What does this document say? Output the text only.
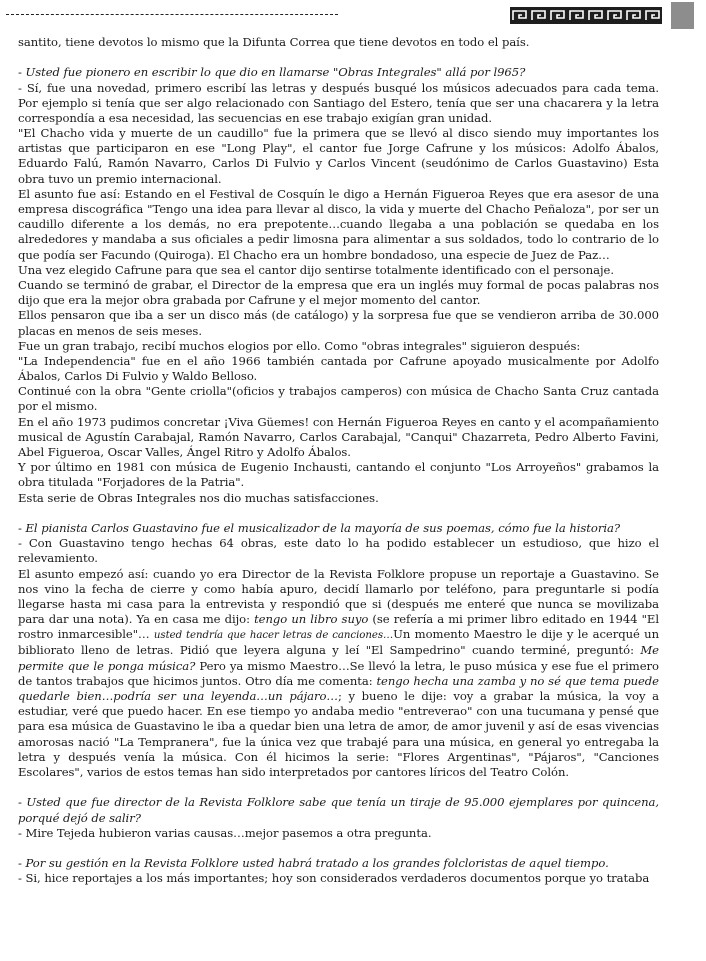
santito, tiene devotos lo mismo que la Difunta Correa que tiene devotos en todo el país.

- Usted fue pionero en escribir lo que dio en llamarse "Obras Integrales" allá por l965?

- Sí, fue una novedad, primero escribí las letras y después busqué los músicos adecuados para cada tema. Por ejemplo si tenía que ser algo relacionado con Santiago del Estero, tenía que ser una chacarera y la letra correspondía a esa necesidad, las secuencias en ese trabajo exigían gran unidad.

"El Chacho vida y muerte de un caudillo" fue la primera que se llevó al disco siendo muy importantes los artistas que participaron en ese "Long Play", el cantor fue Jorge Cafrune y los músicos: Adolfo Ábalos, Eduardo Falú, Ramón Navarro, Carlos Di Fulvio y Carlos Vincent (seudónimo de Carlos Guastavino) Esta obra tuvo un premio internacional.

El asunto fue así: Estando en el Festival de Cosquín le digo a Hernán Figueroa Reyes que era asesor de una empresa discográfica "Tengo una idea para llevar al disco, la vida y muerte del Chacho Peñaloza", por ser un caudillo diferente a los demás, no era prepotente…cuando llegaba a una población se quedaba en los alrededores y mandaba a sus oficiales a pedir limosna para alimentar a sus soldados, todo lo contrario de lo que podía ser Facundo (Quiroga). El Chacho era un hombre bondadoso, una especie de Juez de Paz…

Una vez elegido Cafrune para que sea el cantor dijo sentirse totalmente identificado con el personaje.

Cuando se terminó de grabar, el Director de la empresa que era un inglés muy formal de pocas palabras nos dijo que era la mejor obra grabada por Cafrune y el mejor momento del cantor.

Ellos pensaron que iba a ser un disco más (de catálogo) y la sorpresa fue que se vendieron arriba de 30.000 placas en menos de seis meses.

Fue un gran trabajo, recibí muchos elogios por ello. Como "obras integrales" siguieron después:

"La Independencia" fue en el año 1966 también cantada por Cafrune apoyado musicalmente por Adolfo Ábalos, Carlos Di Fulvio y Waldo Belloso.

Continué con la obra "Gente criolla"(oficios y trabajos camperos) con música de Chacho Santa Cruz cantada por el mismo.

En el año 1973 pudimos concretar ¡Viva Güemes! con Hernán Figueroa Reyes en canto y el acompañamiento musical de Agustín Carabajal, Ramón Navarro, Carlos Carabajal, "Canqui" Chazarreta, Pedro Alberto Favini, Abel Figueroa, Oscar Valles, Ángel Ritro y Adolfo Ábalos.

Y por último en 1981 con música de Eugenio Inchausti, cantando el conjunto "Los Arroyeños" grabamos la obra titulada "Forjadores de la Patria".

Esta serie de Obras Integrales nos dio muchas satisfacciones.

- El pianista Carlos Guastavino fue el musicalizador de la mayoría de sus poemas, cómo fue la historia?

- Con Guastavino tengo hechas 64 obras, este dato lo ha podido establecer un estudioso, que hizo el relevamiento.

El asunto empezó así: cuando yo era Director de la Revista Folklore propuse un reportaje a Guastavino. Se nos vino la fecha de cierre y como había apuro, decidí llamarlo por teléfono, para preguntarle si podía llegarse hasta mi casa para la entrevista y respondió que si (después me enteré que nunca se movilizaba para dar una nota). Ya en casa me dijo: tengo un libro suyo (se refería a mi primer libro editado en 1944 "El rostro inmarcesible"… usted tendría que hacer letras de canciones…Un momento Maestro le dije y le acerqué un bibliorato lleno de letras. Pidió que leyera alguna y leí "El Sampedrino" cuando terminé, preguntó: Me permite que le ponga música? Pero ya mismo Maestro…Se llevó la letra, le puso música y ese fue el primero de tantos trabajos que hicimos juntos. Otro día me comenta: tengo hecha una zamba y no sé que tema puede quedarle bien…podría ser una leyenda…un pájaro…; y bueno le dije: voy a grabar la música, la voy a estudiar, veré que puedo hacer. En ese tiempo yo andaba medio "entreverao" con una tucumana y pensé que para esa música de Guastavino le iba a quedar bien una letra de amor, de amor juvenil y así de esas vivencias amorosas nació "La Tempranera", fue la única vez que trabajé para una música, en general yo entregaba la letra y después venía la música. Con él hicimos la serie: "Flores Argentinas", "Pájaros", "Canciones Escolares", varios de estos temas han sido interpretados por cantores líricos del Teatro Colón.

- Usted que fue director de la Revista Folklore sabe que tenía un tiraje de 95.000 ejemplares por quincena, porqué dejó de salir?

- Mire Tejeda hubieron varias causas…mejor pasemos a otra pregunta.

- Por su gestión en la Revista Folklore usted habrá tratado a los grandes folcloristas de aquel tiempo.

- Si, hice reportajes a los más importantes; hoy son considerados verdaderos documentos porque yo trataba
